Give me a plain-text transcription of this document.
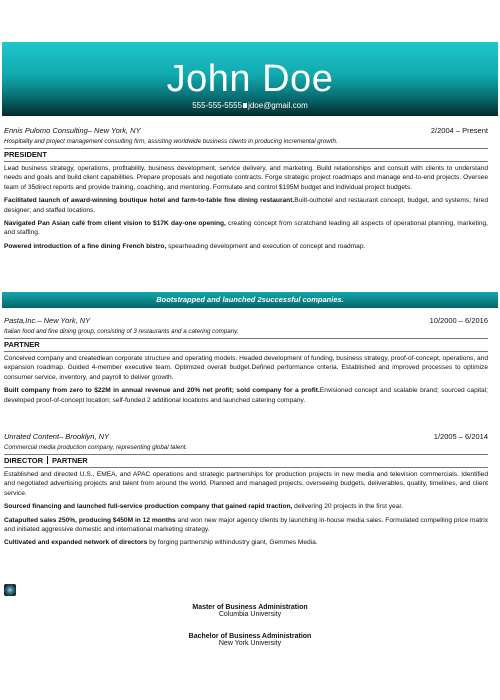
John Doe
555-555-5555 jdoe@gmail.com
Ennis Pulomo Consulting– New York, NY	2/2004 – Present
Hospitality and project management consulting firm, assisting worldwide business clients in producing incremental growth.
PRESIDENT

Lead business strategy, operations, profitability, business development, service delivery, and marketing. Build relationships and consult with clients to understand needs and goals and build client capabilities. Prepare proposals and negotiate contracts. Forge strategic project roadmaps and manage end-to-end projects. Oversee team of 35direct reports and provide training, coaching, and mentoring. Formulate and control $195M budget and individual project budgets.

Facilitated launch of award-winning boutique hotel and farm-to-table fine dining restaurant.Built-outhotel and restaurant concept, budget, and systems; hired designer; and staffed locations.

Navigated Pan Asian café from client vision to $17K day-one opening, creating concept from scratchand leading all aspects of operational planning, marketing, and staffing.

Powered introduction of a fine dining French bistro, spearheading development and execution of concept and roadmap.

Bootstrapped and launched 2successful companies.
Pasta,Inc.– New York, NY	10/2000 – 6/2016
Italian food and fine dining group, consisting of 3 restaurants and a catering company.
PARTNER

Conceived company and createdlean corporate structure and operating models. Headed development of funding, business strategy, proof-of-concept, operations, and expansion roadmap. Guided 4-member executive team. Optimized overall budget.Defined performance criteria. Established and improved processes to optimize consumer service, inventory, and payroll to deliver growth.

Built company from zero to $22M in annual revenue and 20% net profit; sold company for a profit.Envisioned concept and scalable brand; sourced capital; developed proof-of-concept location; self-funded 2 additional locations and launched catering company.

Unrated Content– Brooklyn, NY	1/2005 – 6/2014
Commercial media production company, representing global talent.
DIRECTOR PARTNER

Established and directed U.S., EMEA, and APAC operations and strategic partnerships for production projects in new media and television commercials. Identified and negotiated advertising projects and talent from around the world. Planned and managed projects, overseeing budgets, deliverables, quality, timelines, and client service.

Sourced financing and launched full-service production company that gained rapid traction, delivering 20 projects in the first year.

Catapulted sales 250%, producing $450M in 12 months and won new major agency clients by launching in-house media sales. Formulated compelling price matrix and initiated aggressive domestic and international marketing strategy.

Cultivated and expanded network of directors by forging partnership withindustry giant, Gemmes Media.

Master of Business Administration
Columbia University
Bachelor of Business Administration
New York University
